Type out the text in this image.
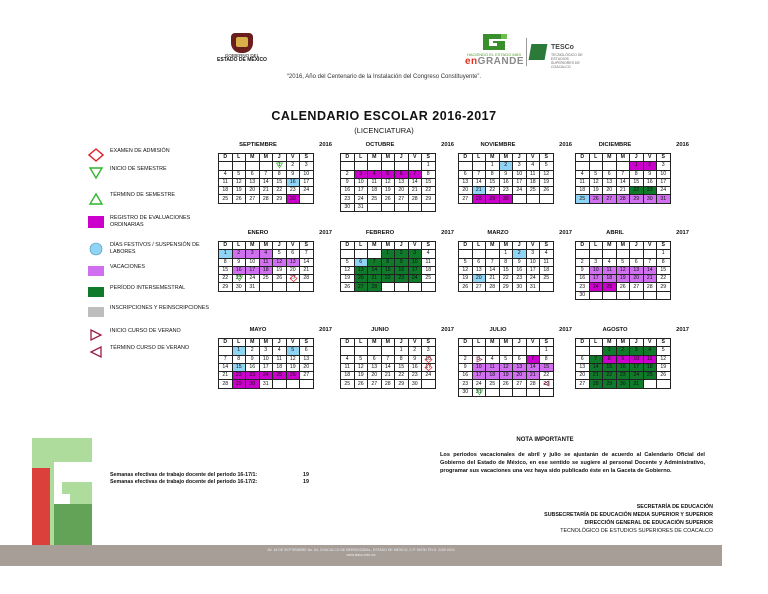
GOBIERNO DEL
ESTADO DE MÉXICO
HACIENDO EL ESTADO MÁS
enGRANDE
TESCo
TECNOLÓGICO DE ESTUDIOS SUPERIORES DE COACALCO
“2016, Año del Centenario de la Instalación del Congreso Constituyente”.
CALENDARIO ESCOLAR 2016-2017
(LICENCIATURA)
EXAMEN DE ADMISIÓN
INICIO DE SEMESTRE
TÉRMINO DE SEMESTRE
REGISTRO DE EVALUACIONES ORDINARIAS
DÍAS FESTIVOS / SUSPENSIÓN DE LABORES
VACACIONES
PERÍODO INTERSEMESTRAL
INSCRIPCIONES Y REINSCRIPCIONES
INICIO CURSO DE VERANO
TÉRMINO CURSO DE VERANO
SEPTIEMBRE	2016
D	L	M	M	J	V	S
				1	2	3
4	5	6	7	8	9	10
11	12	13	14	15	16	17
18	19	20	21	22	23	24
25	26	27	28	29	30	
OCTUBRE	2016
D	L	M	M	J	V	S
						1
2	3	4	5	6	7	8
9	10	11	12	13	14	15
16	17	18	19	20	21	22
23	24	25	26	27	28	29
30	31					
NOVIEMBRE	2016
D	L	M	M	J	V	S
		1	2	3	4	5
6	7	8	9	10	11	12
13	14	15	16	17	18	19
20	21	22	23	24	25	26
27	28	29	30			
DICIEMBRE	2016
D	L	M	M	J	V	S
				1	2	3
4	5	6	7	8	9	10
11	12	13	14	15	16	17
18	19	20	21	22	23	24
25	26	27	28	29	30	31
ENERO	2017
D	L	M	M	J	V	S
1	2	3	4	5	6	7
8	9	10	11	12	13	14
15	16	17	18	19	20	21
22	23	24	25	26	27	28
29	30	31				
FEBRERO	2017
D	L	M	M	J	V	S
			1	2	3	4
5	6	7	8	9	10	11
12	13	14	15	16	17	18
19	20	21	22	23	24	25
26	27	28				
MARZO	2017
D	L	M	M	J	V	S
			1	2	3	4
5	6	7	8	9	10	11
12	13	14	15	16	17	18
19	20	21	22	23	24	25
26	27	28	29	30	31	
ABRIL	2017
D	L	M	M	J	V	S
						1
2	3	4	5	6	7	8
9	10	11	12	13	14	15
16	17	18	19	20	21	22
23	24	25	26	27	28	29
30						
MAYO	2017
D	L	M	M	J	V	S
	1	2	3	4	5	6
7	8	9	10	11	12	13
14	15	16	17	18	19	20
21	22	23	24	25	26	27
28	29	30	31			
JUNIO	2017
D	L	M	M	J	V	S
				1	2	3
4	5	6	7	8	9	10

11	12	13	14	15	16	17

18	19	20	21	22	23	24
25	26	27	28	29	30	
JULIO	2017
D	L	M	M	J	V	S
						1
2	3	4	5	6	7	8
9	10	11	12	13	14	15
16	17	18	19	20	21	22
23	24	25	26	27	28	29

30	31

AGOSTO	2017
D	L	M	M	J	V	S
		1	2	3	4	5
6	7	8	9	10	11	12
13	14	15	16	17	18	19
20	21	22	23	24	25	26
27	28	29	30	31		
Semanas efectivas de trabajo docente del periodo 16-17/1:	19
Semanas efectivas de trabajo docente del periodo 16-17/2:	19
NOTA IMPORTANTE
Los periodos vacacionales de abril y julio se ajustarán de acuerdo al Calendario Oficial del Gobierno del Estado de México, en ese sentido se sugiere al personal Docente y Administrativo, programar sus vacaciones una vez haya sido publicado éste en la Gaceta de Gobierno.
SECRETARÍA DE EDUCACIÓN
SUBSECRETARÍA DE EDUCACIÓN MEDIA SUPERIOR Y SUPERIOR
DIRECCIÓN GENERAL DE EDUCACIÓN SUPERIOR
TECNOLÓGICO DE ESTUDIOS SUPERIORES DE COACALCO
AV. 16 DE SEPTIEMBRE No. 54, COACALCO DE BERRIOZÁBAL, ESTADO DE MÉXICO, C.P. 55700 TELS. 2159 0024
www.tesco.edu.mx
